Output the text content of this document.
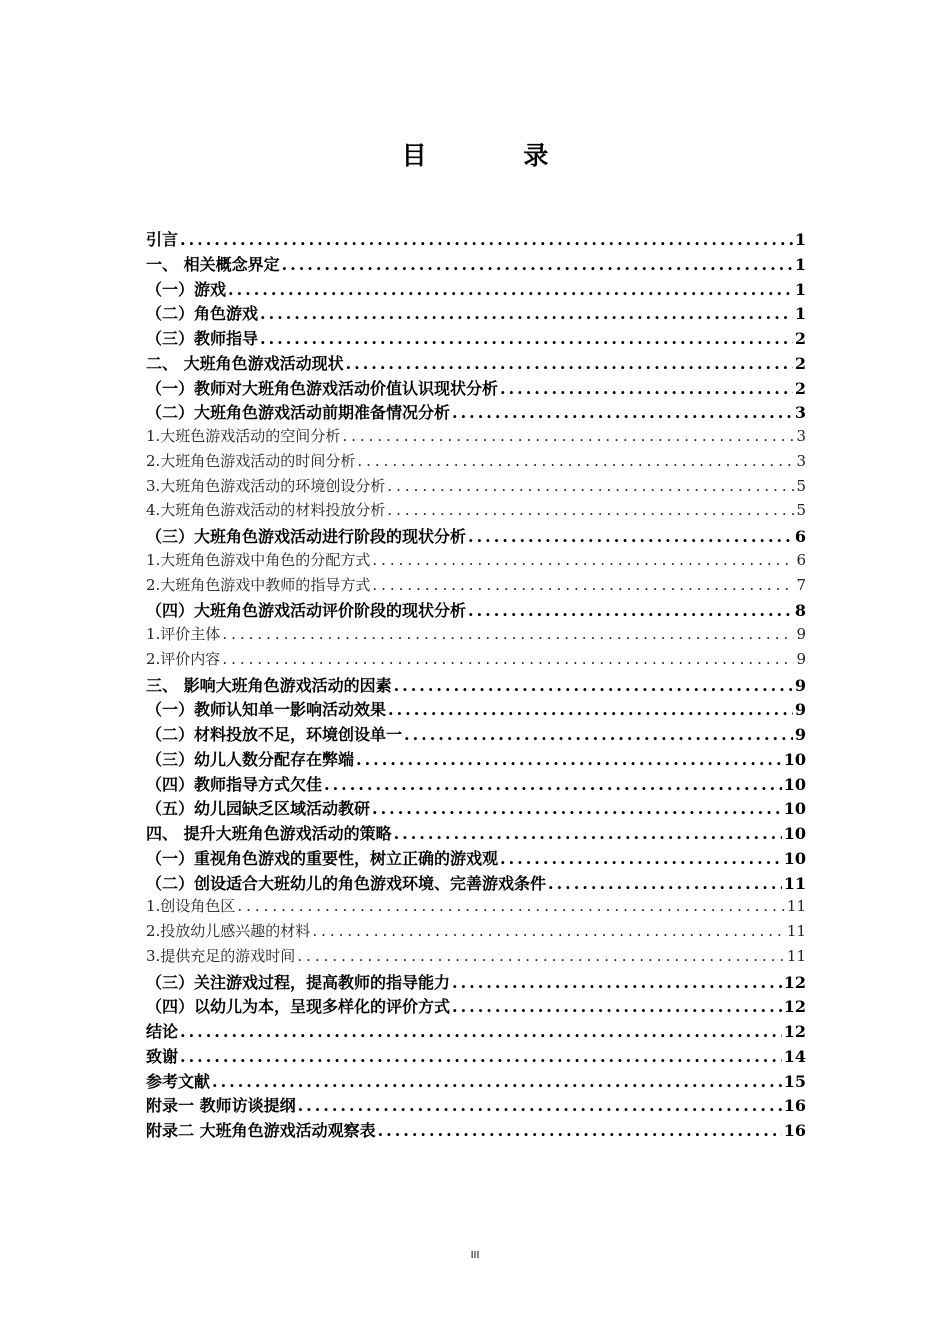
目 录
引言 .....	1
一、 相关概念界定 .....	1
（一）游戏 .....	1
（二）角色游戏 .....	1
（三）教师指导 .....	2
二、 大班角色游戏活动现状 .....	2
（一）教师对大班角色游戏活动价值认识现状分析 .....	2
（二）大班角色游戏活动前期准备情况分析 .....	3
1.大班色游戏活动的空间分析 .....	3
2.大班角色游戏活动的时间分析 .....	3
3.大班角色游戏活动的环境创设分析 .....	5
4.大班角色游戏活动的材料投放分析 .....	5
（三）大班角色游戏活动进行阶段的现状分析 .....	6
1.大班角色游戏中角色的分配方式 .....	6
2.大班角色游戏中教师的指导方式 .....	7
（四）大班角色游戏活动评价阶段的现状分析 .....	8
1.评价主体 .....	9
2.评价内容 .....	9
三、 影响大班角色游戏活动的因素 .....	9
（一）教师认知单一影响活动效果 .....	9
（二）材料投放不足，环境创设单一 .....	9
（三）幼儿人数分配存在弊端 .....	10
（四）教师指导方式欠佳 .....	10
（五）幼儿园缺乏区域活动教研 .....	10
四、 提升大班角色游戏活动的策略 .....	10
（一）重视角色游戏的重要性，树立正确的游戏观 .....	10
（二）创设适合大班幼儿的角色游戏环境、完善游戏条件 .....	11
1.创设角色区 .....	11
2.投放幼儿感兴趣的材料 .....	11
3.提供充足的游戏时间 .....	11
（三）关注游戏过程，提高教师的指导能力 .....	12
（四）以幼儿为本，呈现多样化的评价方式 .....	12
结论 .....	12
致谢 .....	14
参考文献 .....	15
附录一 教师访谈提纲 .....	16
附录二 大班角色游戏活动观察表 .....	16
III
